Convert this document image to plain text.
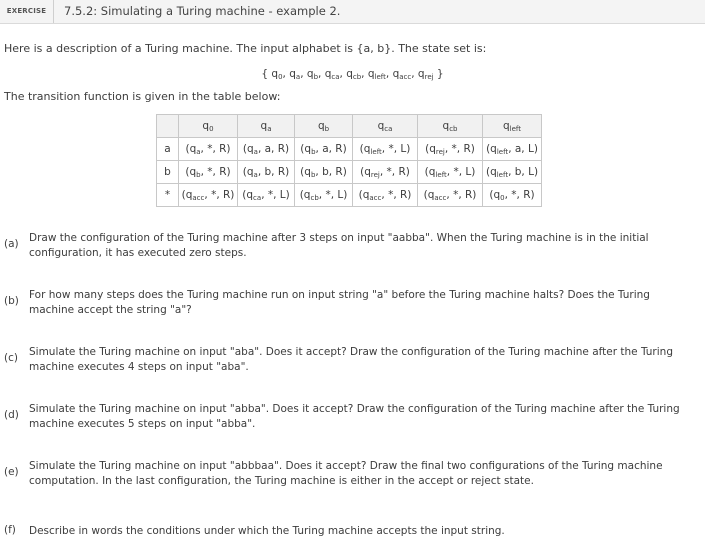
EXERCISE	7.5.2: Simulating a Turing machine - example 2.
Here is a description of a Turing machine. The input alphabet is {a, b}. The state set is:
{ $q_0$, $q_a$, $q_b$, $q_{ca}$, $q_{cb}$, $q_{left}$, $q_{acc}$, $q_{rej}$ }
The transition function is given in the table below:
	$q_0$	$q_a$	$q_b$	$q_{ca}$	$q_{cb}$	$q_{left}$
a	($q_a$, *, R)	($q_a$, a, R)	($q_b$, a, R)	($q_{left}$, *, L)	($q_{rej}$, *, R)	($q_{left}$, a, L)
b	($q_b$, *, R)	($q_a$, b, R)	($q_b$, b, R)	($q_{rej}$, *, R)	($q_{left}$, *, L)	($q_{left}$, b, L)
*	($q_{acc}$, *, R)	($q_{ca}$, *, L)	($q_{cb}$, *, L)	($q_{acc}$, *, R)	($q_{acc}$, *, R)	($q_0$, *, R)
(a) Draw the configuration of the Turing machine after 3 steps on input "aabba". When the Turing machine is in the initial configuration, it has executed zero steps.
(b) For how many steps does the Turing machine run on input string "a" before the Turing machine halts? Does the Turing machine accept the string "a"?
(c) Simulate the Turing machine on input "aba". Does it accept? Draw the configuration of the Turing machine after the Turing machine executes 4 steps on input "aba".
(d) Simulate the Turing machine on input "abba". Does it accept? Draw the configuration of the Turing machine after the Turing machine executes 5 steps on input "abba".
(e) Simulate the Turing machine on input "abbbaa". Does it accept? Draw the final two configurations of the Turing machine computation. In the last configuration, the Turing machine is either in the accept or reject state.
(f) Describe in words the conditions under which the Turing machine accepts the input string.
